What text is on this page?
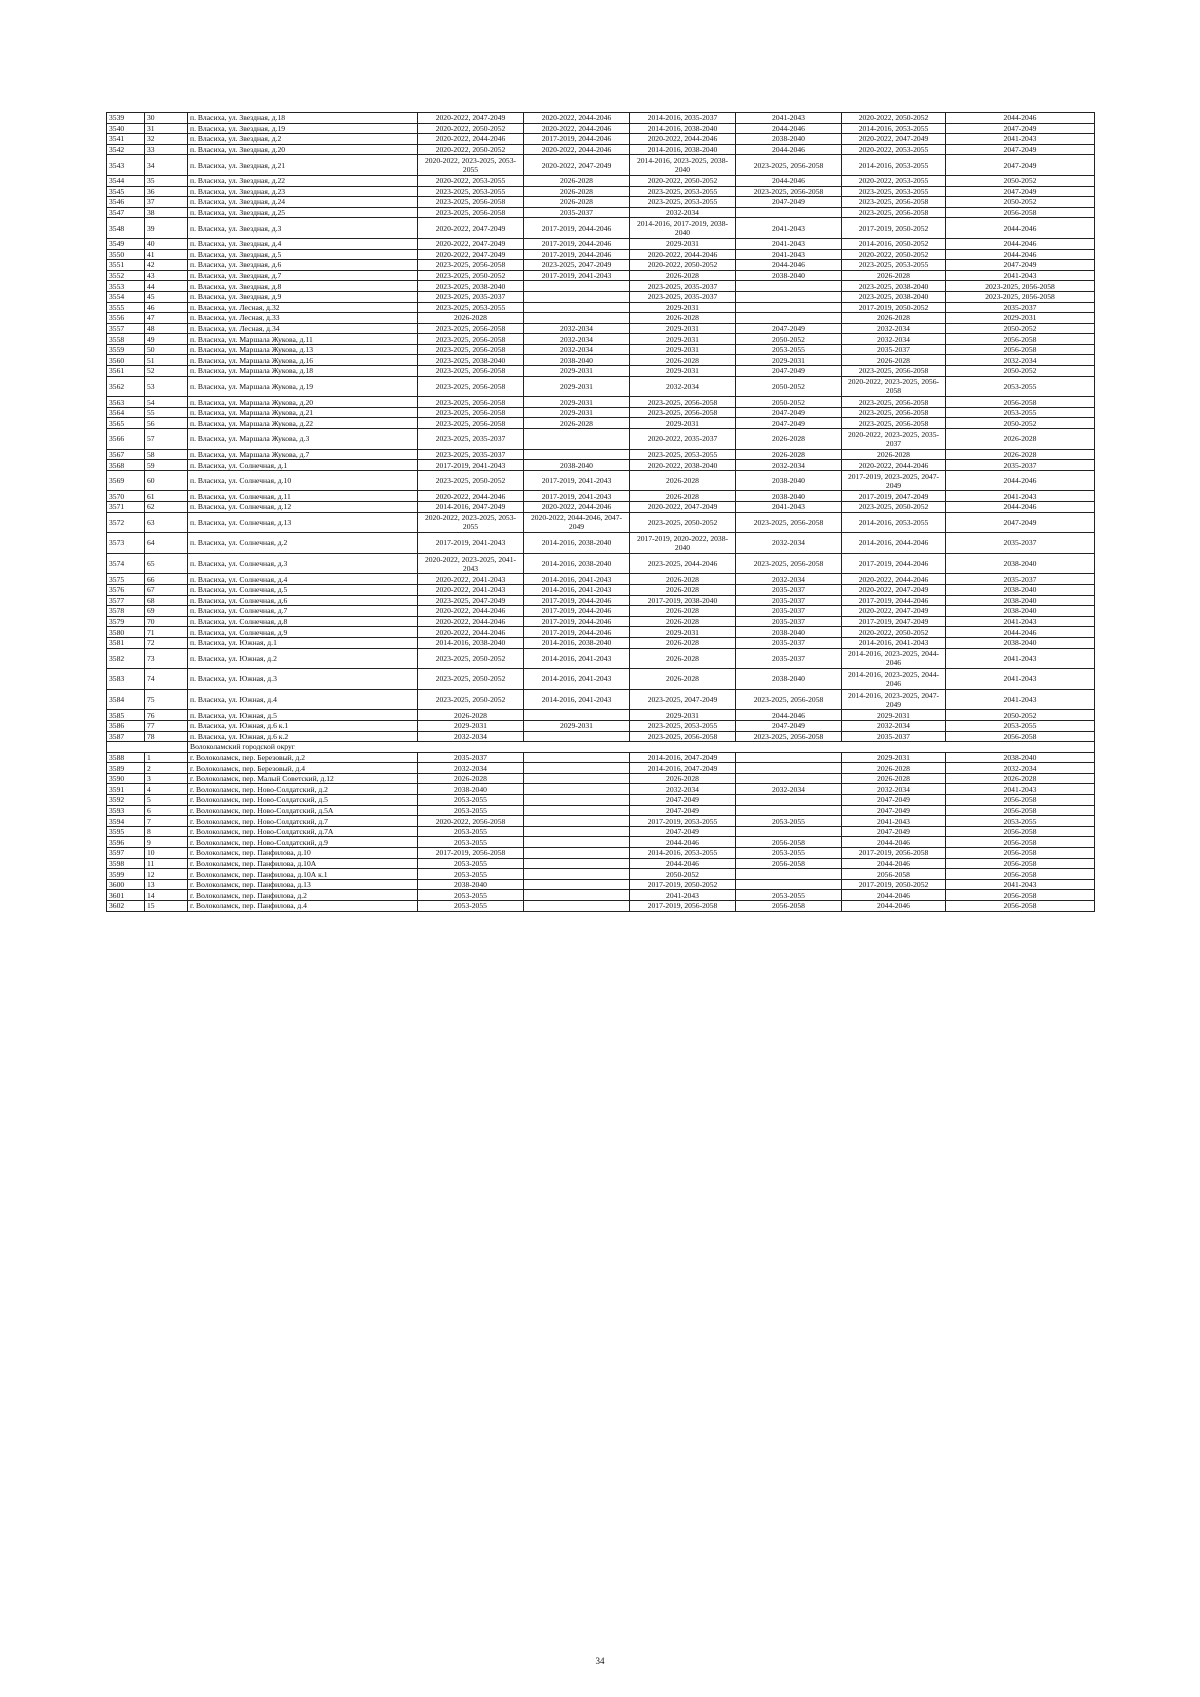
3539	30	п. Власиха, ул. Звездная, д.18	2020-2022, 2047-2049	2020-2022, 2044-2046	2014-2016, 2035-2037	2041-2043	2020-2022, 2050-2052	2044-2046
3540	31	п. Власиха, ул. Звездная, д.19	2020-2022, 2050-2052	2020-2022, 2044-2046	2014-2016, 2038-2040	2044-2046	2014-2016, 2053-2055	2047-2049
3541	32	п. Власиха, ул. Звездная, д.2	2020-2022, 2044-2046	2017-2019, 2044-2046	2020-2022, 2044-2046	2038-2040	2020-2022, 2047-2049	2041-2043
3542	33	п. Власиха, ул. Звездная, д.20	2020-2022, 2050-2052	2020-2022, 2044-2046	2014-2016, 2038-2040	2044-2046	2020-2022, 2053-2055	2047-2049
3543	34	п. Власиха, ул. Звездная, д.21	2020-2022, 2023-2025, 2053-2055	2020-2022, 2047-2049	2014-2016, 2023-2025, 2038-2040	2023-2025, 2056-2058	2014-2016, 2053-2055	2047-2049
3544	35	п. Власиха, ул. Звездная, д.22	2020-2022, 2053-2055	2026-2028	2020-2022, 2050-2052	2044-2046	2020-2022, 2053-2055	2050-2052
3545	36	п. Власиха, ул. Звездная, д.23	2023-2025, 2053-2055	2026-2028	2023-2025, 2053-2055	2023-2025, 2056-2058	2023-2025, 2053-2055	2047-2049
3546	37	п. Власиха, ул. Звездная, д.24	2023-2025, 2056-2058	2026-2028	2023-2025, 2053-2055	2047-2049	2023-2025, 2056-2058	2050-2052
3547	38	п. Власиха, ул. Звездная, д.25	2023-2025, 2056-2058	2035-2037	2032-2034		2023-2025, 2056-2058	2056-2058
3548	39	п. Власиха, ул. Звездная, д.3	2020-2022, 2047-2049	2017-2019, 2044-2046	2014-2016, 2017-2019, 2038-2040	2041-2043	2017-2019, 2050-2052	2044-2046
3549	40	п. Власиха, ул. Звездная, д.4	2020-2022, 2047-2049	2017-2019, 2044-2046	2029-2031	2041-2043	2014-2016, 2050-2052	2044-2046
3550	41	п. Власиха, ул. Звездная, д.5	2020-2022, 2047-2049	2017-2019, 2044-2046	2020-2022, 2044-2046	2041-2043	2020-2022, 2050-2052	2044-2046
3551	42	п. Власиха, ул. Звездная, д.6	2023-2025, 2056-2058	2023-2025, 2047-2049	2020-2022, 2050-2052	2044-2046	2023-2025, 2053-2055	2047-2049
3552	43	п. Власиха, ул. Звездная, д.7	2023-2025, 2050-2052	2017-2019, 2041-2043	2026-2028	2038-2040	2026-2028	2041-2043
3553	44	п. Власиха, ул. Звездная, д.8	2023-2025, 2038-2040		2023-2025, 2035-2037		2023-2025, 2038-2040	2023-2025, 2056-2058
3554	45	п. Власиха, ул. Звездная, д.9	2023-2025, 2035-2037		2023-2025, 2035-2037		2023-2025, 2038-2040	2023-2025, 2056-2058
3555	46	п. Власиха, ул. Лесная, д.32	2023-2025, 2053-2055		2029-2031		2017-2019, 2050-2052	2035-2037
3556	47	п. Власиха, ул. Лесная, д.33	2026-2028		2026-2028		2026-2028	2029-2031
3557	48	п. Власиха, ул. Лесная, д.34	2023-2025, 2056-2058	2032-2034	2029-2031	2047-2049	2032-2034	2050-2052
3558	49	п. Власиха, ул. Маршала Жукова, д.11	2023-2025, 2056-2058	2032-2034	2029-2031	2050-2052	2032-2034	2056-2058
3559	50	п. Власиха, ул. Маршала Жукова, д.13	2023-2025, 2056-2058	2032-2034	2029-2031	2053-2055	2035-2037	2056-2058
3560	51	п. Власиха, ул. Маршала Жукова, д.16	2023-2025, 2038-2040	2038-2040	2026-2028	2029-2031	2026-2028	2032-2034
3561	52	п. Власиха, ул. Маршала Жукова, д.18	2023-2025, 2056-2058	2029-2031	2029-2031	2047-2049	2023-2025, 2056-2058	2050-2052
3562	53	п. Власиха, ул. Маршала Жукова, д.19	2023-2025, 2056-2058	2029-2031	2032-2034	2050-2052	2020-2022, 2023-2025, 2056-2058	2053-2055
3563	54	п. Власиха, ул. Маршала Жукова, д.20	2023-2025, 2056-2058	2029-2031	2023-2025, 2056-2058	2050-2052	2023-2025, 2056-2058	2056-2058
3564	55	п. Власиха, ул. Маршала Жукова, д.21	2023-2025, 2056-2058	2029-2031	2023-2025, 2056-2058	2047-2049	2023-2025, 2056-2058	2053-2055
3565	56	п. Власиха, ул. Маршала Жукова, д.22	2023-2025, 2056-2058	2026-2028	2029-2031	2047-2049	2023-2025, 2056-2058	2050-2052
3566	57	п. Власиха, ул. Маршала Жукова, д.3	2023-2025, 2035-2037		2020-2022, 2035-2037	2026-2028	2020-2022, 2023-2025, 2035-2037	2026-2028
3567	58	п. Власиха, ул. Маршала Жукова, д.7	2023-2025, 2035-2037		2023-2025, 2053-2055	2026-2028	2026-2028	2026-2028
3568	59	п. Власиха, ул. Солнечная, д.1	2017-2019, 2041-2043	2038-2040	2020-2022, 2038-2040	2032-2034	2020-2022, 2044-2046	2035-2037
3569	60	п. Власиха, ул. Солнечная, д.10	2023-2025, 2050-2052	2017-2019, 2041-2043	2026-2028	2038-2040	2017-2019, 2023-2025, 2047-2049	2044-2046
3570	61	п. Власиха, ул. Солнечная, д.11	2020-2022, 2044-2046	2017-2019, 2041-2043	2026-2028	2038-2040	2017-2019, 2047-2049	2041-2043
3571	62	п. Власиха, ул. Солнечная, д.12	2014-2016, 2047-2049	2020-2022, 2044-2046	2020-2022, 2047-2049	2041-2043	2023-2025, 2050-2052	2044-2046
3572	63	п. Власиха, ул. Солнечная, д.13	2020-2022, 2023-2025, 2053-2055	2020-2022, 2044-2046, 2047-2049	2023-2025, 2050-2052	2023-2025, 2056-2058	2014-2016, 2053-2055	2047-2049
3573	64	п. Власиха, ул. Солнечная, д.2	2017-2019, 2041-2043	2014-2016, 2038-2040	2017-2019, 2020-2022, 2038-2040	2032-2034	2014-2016, 2044-2046	2035-2037
3574	65	п. Власиха, ул. Солнечная, д.3	2020-2022, 2023-2025, 2041-2043	2014-2016, 2038-2040	2023-2025, 2044-2046	2023-2025, 2056-2058	2017-2019, 2044-2046	2038-2040
3575	66	п. Власиха, ул. Солнечная, д.4	2020-2022, 2041-2043	2014-2016, 2041-2043	2026-2028	2032-2034	2020-2022, 2044-2046	2035-2037
3576	67	п. Власиха, ул. Солнечная, д.5	2020-2022, 2041-2043	2014-2016, 2041-2043	2026-2028	2035-2037	2020-2022, 2047-2049	2038-2040
3577	68	п. Власиха, ул. Солнечная, д.6	2023-2025, 2047-2049	2017-2019, 2044-2046	2017-2019, 2038-2040	2035-2037	2017-2019, 2044-2046	2038-2040
3578	69	п. Власиха, ул. Солнечная, д.7	2020-2022, 2044-2046	2017-2019, 2044-2046	2026-2028	2035-2037	2020-2022, 2047-2049	2038-2040
3579	70	п. Власиха, ул. Солнечная, д.8	2020-2022, 2044-2046	2017-2019, 2044-2046	2026-2028	2035-2037	2017-2019, 2047-2049	2041-2043
3580	71	п. Власиха, ул. Солнечная, д.9	2020-2022, 2044-2046	2017-2019, 2044-2046	2029-2031	2038-2040	2020-2022, 2050-2052	2044-2046
3581	72	п. Власиха, ул. Южная, д.1	2014-2016, 2038-2040	2014-2016, 2038-2040	2026-2028	2035-2037	2014-2016, 2041-2043	2038-2040
3582	73	п. Власиха, ул. Южная, д.2	2023-2025, 2050-2052	2014-2016, 2041-2043	2026-2028	2035-2037	2014-2016, 2023-2025, 2044-2046	2041-2043
3583	74	п. Власиха, ул. Южная, д.3	2023-2025, 2050-2052	2014-2016, 2041-2043	2026-2028	2038-2040	2014-2016, 2023-2025, 2044-2046	2041-2043
3584	75	п. Власиха, ул. Южная, д.4	2023-2025, 2050-2052	2014-2016, 2041-2043	2023-2025, 2047-2049	2023-2025, 2056-2058	2014-2016, 2023-2025, 2047-2049	2041-2043
3585	76	п. Власиха, ул. Южная, д.5	2026-2028		2029-2031	2044-2046	2029-2031	2050-2052
3586	77	п. Власиха, ул. Южная, д.6 к.1	2029-2031	2029-2031	2023-2025, 2053-2055	2047-2049	2032-2034	2053-2055
3587	78	п. Власиха, ул. Южная, д.6 к.2	2032-2034		2023-2025, 2056-2058	2023-2025, 2056-2058	2035-2037	2056-2058
		Волоколамский городской округ						
3588	1	г. Волоколамск, пер. Березовый, д.2	2035-2037		2014-2016, 2047-2049		2029-2031	2038-2040
3589	2	г. Волоколамск, пер. Березовый, д.4	2032-2034		2014-2016, 2047-2049		2026-2028	2032-2034
3590	3	г. Волоколамск, пер. Малый Советский, д.12	2026-2028		2026-2028		2026-2028	2026-2028
3591	4	г. Волоколамск, пер. Ново-Солдатский, д.2	2038-2040		2032-2034	2032-2034	2032-2034	2041-2043
3592	5	г. Волоколамск, пер. Ново-Солдатский, д.5	2053-2055		2047-2049		2047-2049	2056-2058
3593	6	г. Волоколамск, пер. Ново-Солдатский, д.5А	2053-2055		2047-2049		2047-2049	2056-2058
3594	7	г. Волоколамск, пер. Ново-Солдатский, д.7	2020-2022, 2056-2058		2017-2019, 2053-2055	2053-2055	2041-2043	2053-2055
3595	8	г. Волоколамск, пер. Ново-Солдатский, д.7А	2053-2055		2047-2049		2047-2049	2056-2058
3596	9	г. Волоколамск, пер. Ново-Солдатский, д.9	2053-2055		2044-2046	2056-2058	2044-2046	2056-2058
3597	10	г. Волоколамск, пер. Панфилова, д.10	2017-2019, 2056-2058		2014-2016, 2053-2055	2053-2055	2017-2019, 2056-2058	2056-2058
3598	11	г. Волоколамск, пер. Панфилова, д.10А	2053-2055		2044-2046	2056-2058	2044-2046	2056-2058
3599	12	г. Волоколамск, пер. Панфилова, д.10А к.1	2053-2055		2050-2052		2056-2058	2056-2058
3600	13	г. Волоколамск, пер. Панфилова, д.13	2038-2040		2017-2019, 2050-2052		2017-2019, 2050-2052	2041-2043
3601	14	г. Волоколамск, пер. Панфилова, д.2	2053-2055		2041-2043	2053-2055	2044-2046	2056-2058
3602	15	г. Волоколамск, пер. Панфилова, д.4	2053-2055		2017-2019, 2056-2058	2056-2058	2044-2046	2056-2058
34
